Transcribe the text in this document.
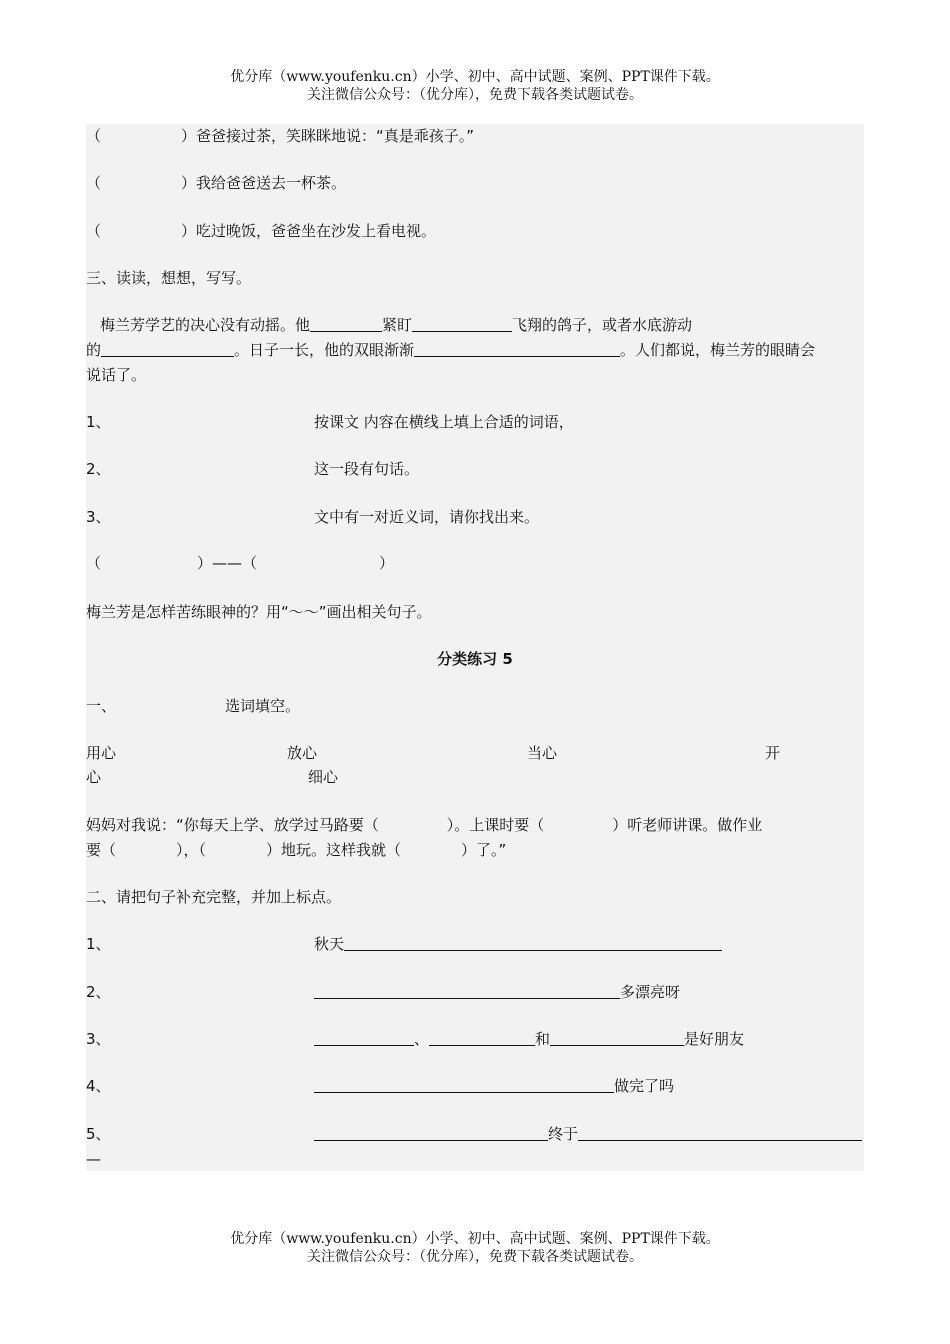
优分库（www.youfenku.cn）小学、初中、高中试题、案例、PPT课件下载。
关注微信公众号：（优分库），免费下载各类试题试卷。
（	）爸爸接过茶，笑眯眯地说：“真是乖孩子。”
（	）我给爸爸送去一杯茶。
（	）吃过晚饭，爸爸坐在沙发上看电视。
三、读读，想想，写写。
梅兰芳学艺的决心没有动摇。他	紧盯	飞翔的鸽子，或者水底游动
的	。日子一长，他的双眼渐渐	。人们都说，梅兰芳的眼睛会
说话了。
1、	按课文 内容在横线上填上合适的词语，
2、	这一段有句话。
3、	文中有一对近义词，请你找出来。
（	）——（	）
梅兰芳是怎样苦练眼神的？用“～～”画出相关句子。
分类练习 5
一、	选词填空。
用心	放心	当心	开
心	细心
妈妈对我说：“你每天上学、放学过马路要（	）。上课时要（	）听老师讲课。做作业
要（	），（	）地玩。这样我就（	）了。”
二、请把句子补充完整，并加上标点。
1、	秋天
2、	多漂亮呀
3、	、	和	是好朋友
4、	做完了吗
5、	终于
—
优分库（www.youfenku.cn）小学、初中、高中试题、案例、PPT课件下载。
关注微信公众号：（优分库），免费下载各类试题试卷。
